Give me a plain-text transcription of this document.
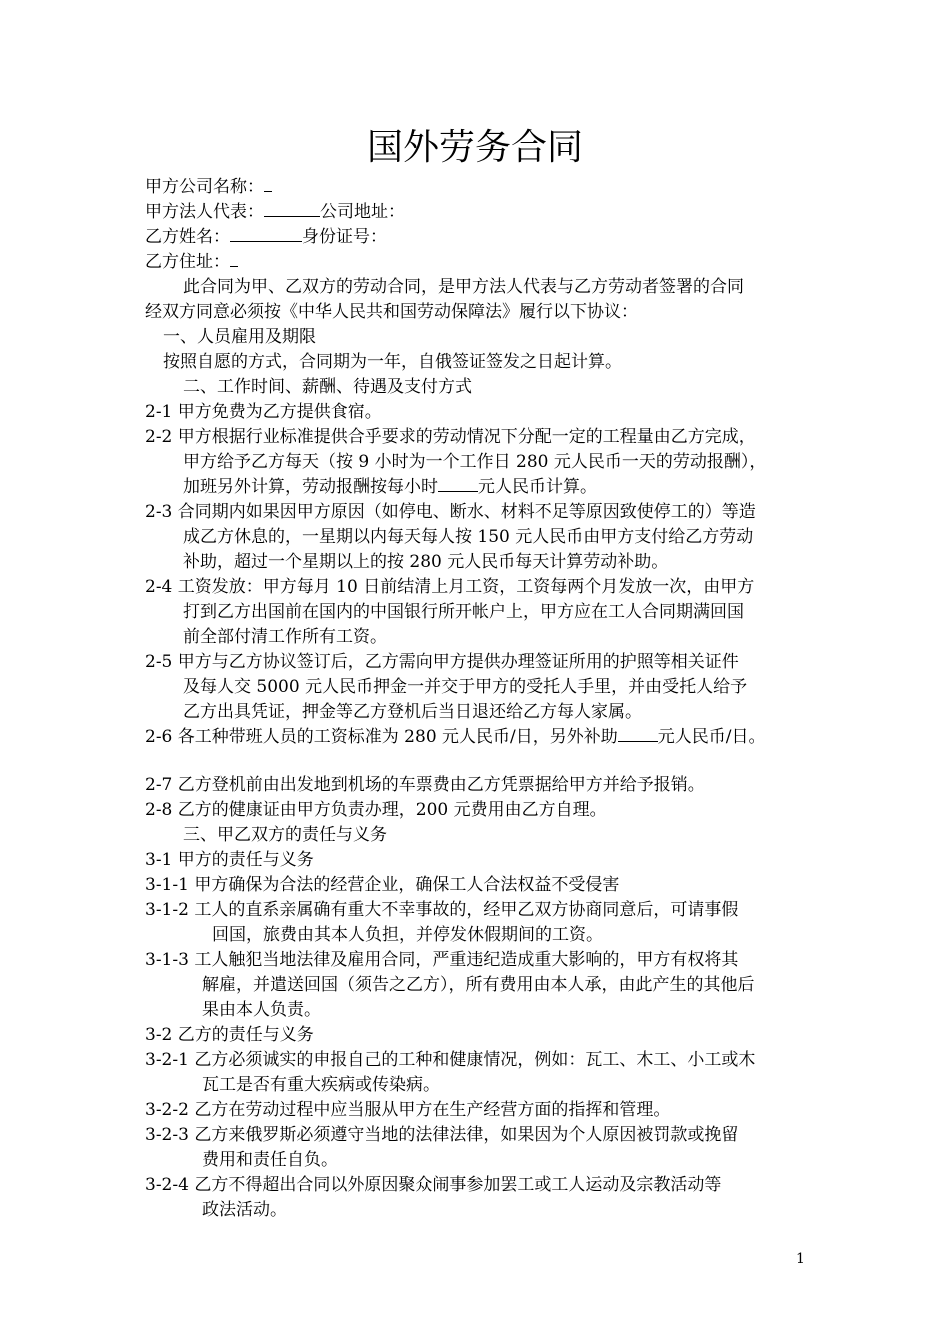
国外劳务合同
甲方公司名称：
甲方法人代表：	公司地址：
乙方姓名：	身份证号：
乙方住址：
此合同为甲、乙双方的劳动合同，是甲方法人代表与乙方劳动者签署的合同
经双方同意必须按《中华人民共和国劳动保障法》履行以下协议：
一、人员雇用及期限
按照自愿的方式，合同期为一年，自俄签证签发之日起计算。
二、工作时间、薪酬、待遇及支付方式
2-1 甲方免费为乙方提供食宿。
2-2 甲方根据行业标准提供合乎要求的劳动情况下分配一定的工程量由乙方完成，
甲方给予乙方每天（按 9 小时为一个工作日 280 元人民币一天的劳动报酬），
加班另外计算，劳动报酬按每小时 元人民币计算。
2-3 合同期内如果因甲方原因（如停电、断水、材料不足等原因致使停工的）等造
成乙方休息的，一星期以内每天每人按 150 元人民币由甲方支付给乙方劳动
补助，超过一个星期以上的按 280 元人民币每天计算劳动补助。
2-4 工资发放：甲方每月 10 日前结清上月工资，工资每两个月发放一次，由甲方
打到乙方出国前在国内的中国银行所开帐户上，甲方应在工人合同期满回国
前全部付清工作所有工资。
2-5 甲方与乙方协议签订后，乙方需向甲方提供办理签证所用的护照等相关证件
及每人交 5000 元人民币押金一并交于甲方的受托人手里，并由受托人给予
乙方出具凭证，押金等乙方登机后当日退还给乙方每人家属。
2-6 各工种带班人员的工资标准为 280 元人民币/日，另外补助 元人民币/日。
2-7 乙方登机前由出发地到机场的车票费由乙方凭票据给甲方并给予报销。
2-8 乙方的健康证由甲方负责办理，200 元费用由乙方自理。
三、甲乙双方的责任与义务
3-1 甲方的责任与义务
3-1-1 甲方确保为合法的经营企业，确保工人合法权益不受侵害
3-1-2 工人的直系亲属确有重大不幸事故的，经甲乙双方协商同意后，可请事假
回国，旅费由其本人负担，并停发休假期间的工资。
3-1-3 工人触犯当地法律及雇用合同，严重违纪造成重大影响的，甲方有权将其
解雇，并遣送回国（须告之乙方），所有费用由本人承，由此产生的其他后
果由本人负责。
3-2 乙方的责任与义务
3-2-1 乙方必须诚实的申报自己的工种和健康情况，例如：瓦工、木工、小工或木
瓦工是否有重大疾病或传染病。
3-2-2 乙方在劳动过程中应当服从甲方在生产经营方面的指挥和管理。
3-2-3 乙方来俄罗斯必须遵守当地的法律法律，如果因为个人原因被罚款或挽留
费用和责任自负。
3-2-4 乙方不得超出合同以外原因聚众闹事参加罢工或工人运动及宗教活动等
政法活动。
1
